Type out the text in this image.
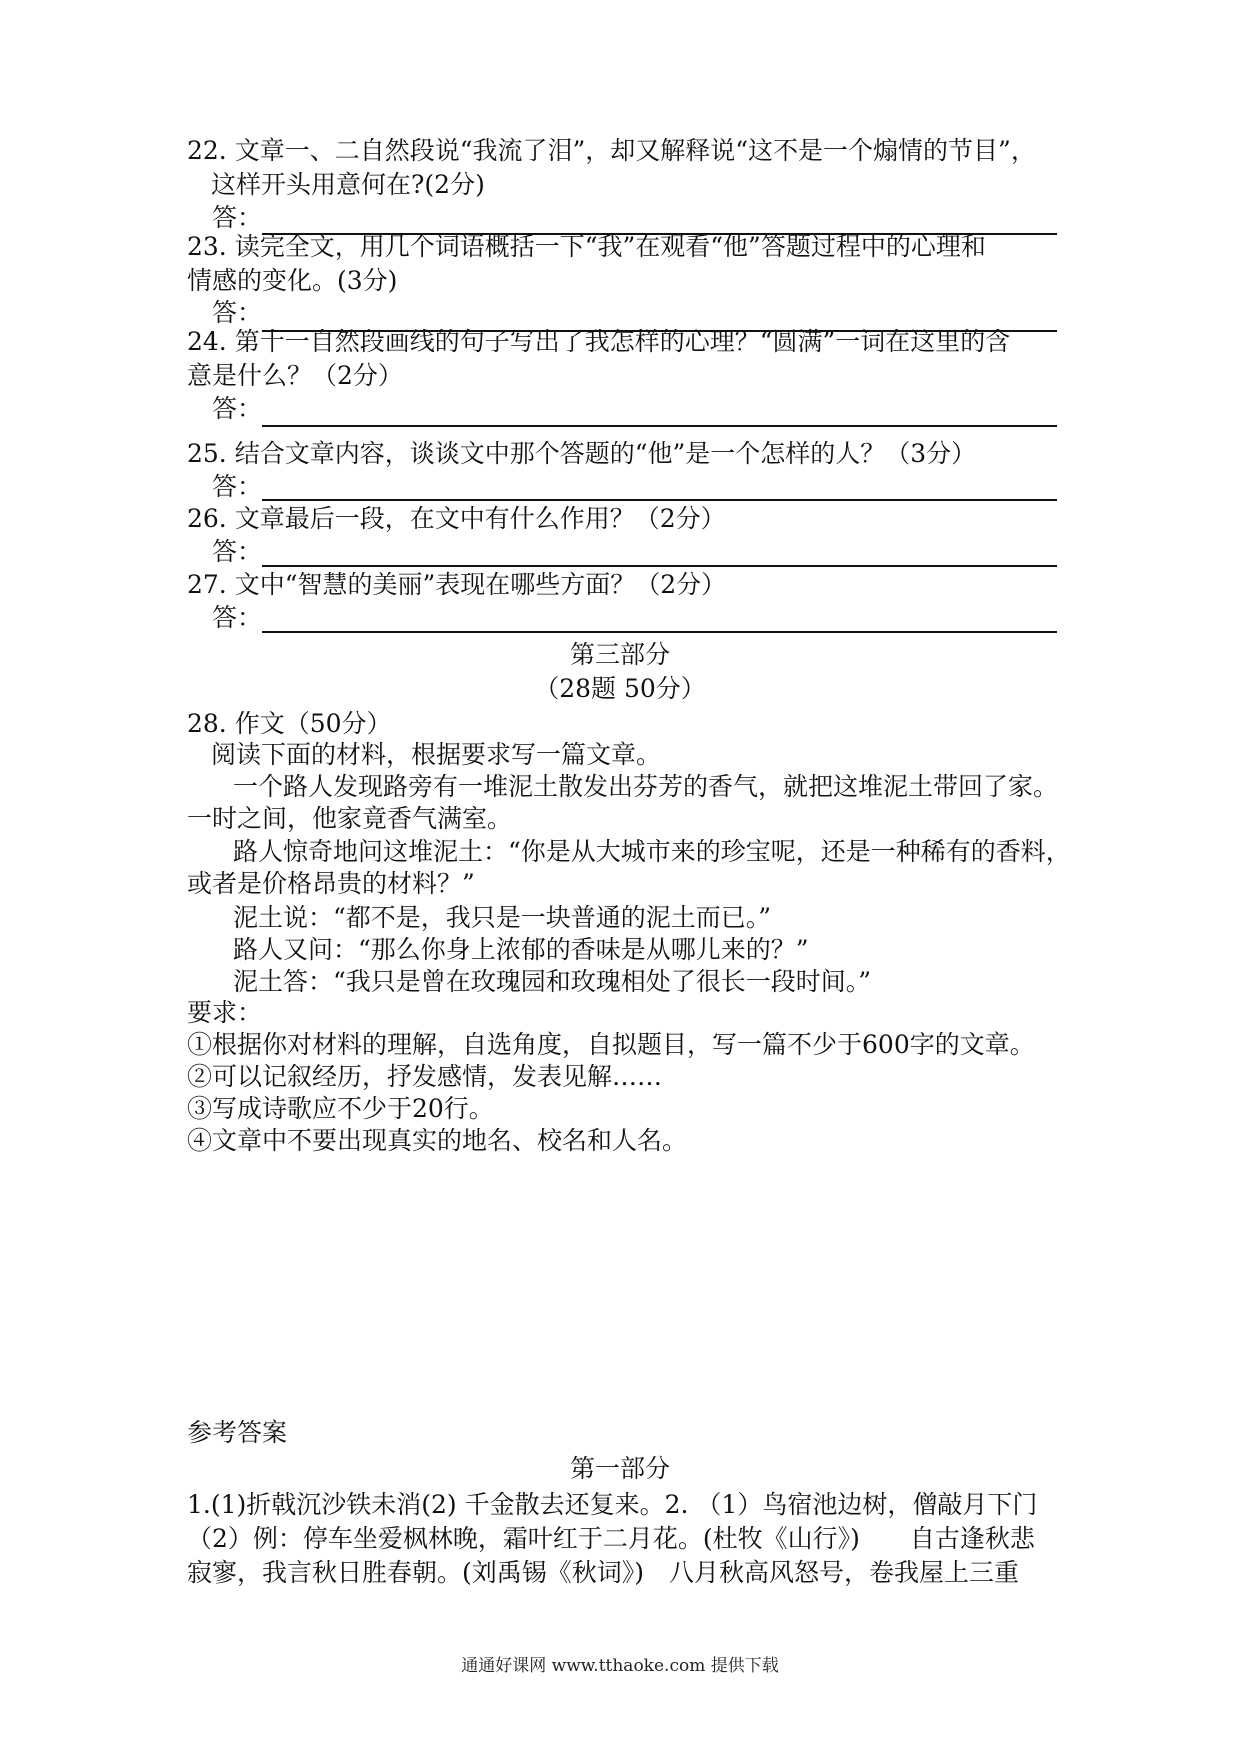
22. 文章一、二自然段说“我流了泪”，却又解释说“这不是一个煽情的节目”，
这样开头用意何在?(2分)
答：
23. 读完全文，用几个词语概括一下“我”在观看“他”答题过程中的心理和
情感的变化。(3分)
答：
24. 第十一自然段画线的句子写出了我怎样的心理？“圆满”一词在这里的含
意是什么？（2分）
答：
25. 结合文章内容，谈谈文中那个答题的“他”是一个怎样的人？（3分）
答：
26. 文章最后一段，在文中有什么作用？（2分）
答：
27. 文中“智慧的美丽”表现在哪些方面？（2分）
答：
第三部分
（28题 50分）
28. 作文（50分）
阅读下面的材料，根据要求写一篇文章。
一个路人发现路旁有一堆泥土散发出芬芳的香气，就把这堆泥土带回了家。
一时之间，他家竟香气满室。
路人惊奇地问这堆泥土：“你是从大城市来的珍宝呢，还是一种稀有的香料，
或者是价格昂贵的材料？”
泥土说：“都不是，我只是一块普通的泥土而已。”
路人又问：“那么你身上浓郁的香味是从哪儿来的？”
泥土答：“我只是曾在玫瑰园和玫瑰相处了很长一段时间。”
要求：
①根据你对材料的理解，自选角度，自拟题目，写一篇不少于600字的文章。
②可以记叙经历，抒发感情，发表见解……
③写成诗歌应不少于20行。
④文章中不要出现真实的地名、校名和人名。
参考答案
第一部分
1.(1)折戟沉沙铁未消(2) 千金散去还复来。2. （1）鸟宿池边树，僧敲月下门
（2）例：停车坐爱枫林晚，霜叶红于二月花。(杜牧《山行》)　　自古逢秋悲
寂寥，我言秋日胜春朝。(刘禹锡《秋词》)　八月秋高风怒号，卷我屋上三重
通通好课网 www.tthaoke.com 提供下载
